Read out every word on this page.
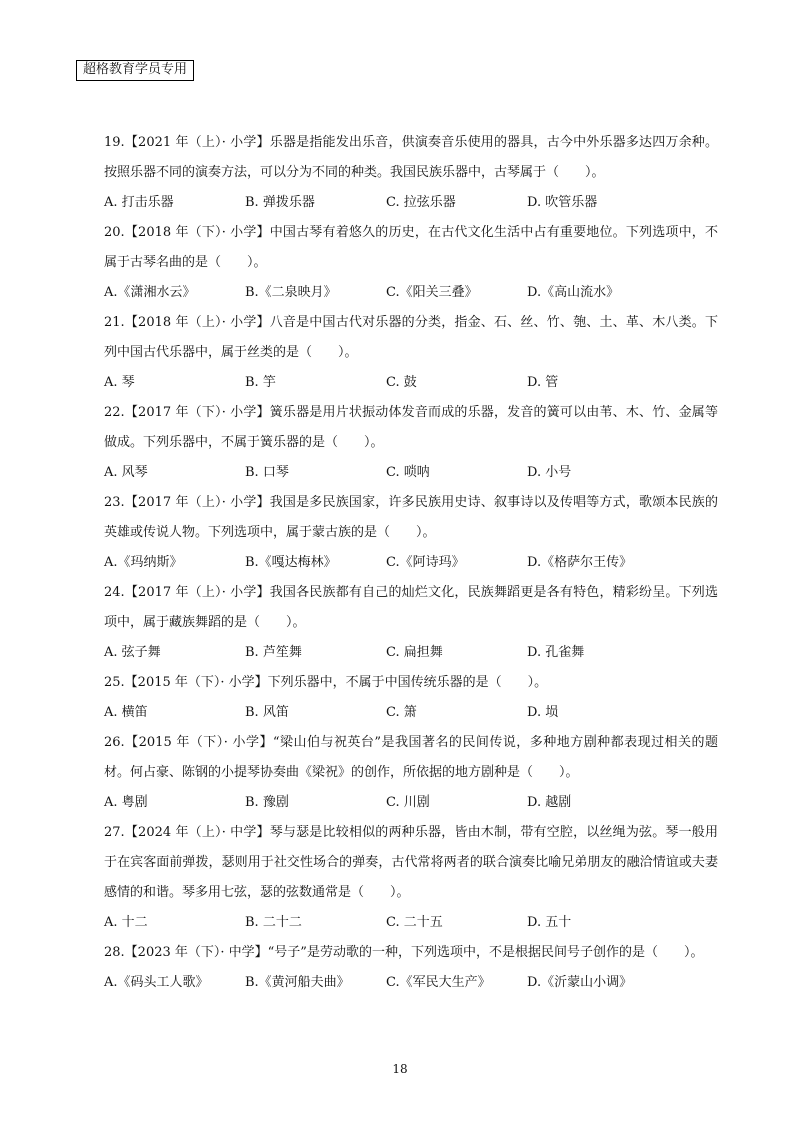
超格教育学员专用

19.【2021 年（上）· 小学】乐器是指能发出乐音，供演奏音乐使用的器具，古今中外乐器多达四万余种。按照乐器不同的演奏方法，可以分为不同的种类。我国民族乐器中，古琴属于（　　）。

A. 打击乐器	B. 弹拨乐器	C. 拉弦乐器	D. 吹管乐器

20.【2018 年（下）· 小学】中国古琴有着悠久的历史，在古代文化生活中占有重要地位。下列选项中，不属于古琴名曲的是（　　）。

A.《潇湘水云》	B.《二泉映月》	C.《阳关三叠》	D.《高山流水》

21.【2018 年（上）· 小学】八音是中国古代对乐器的分类，指金、石、丝、竹、匏、土、革、木八类。下列中国古代乐器中，属于丝类的是（　　）。

A. 琴	B. 竽	C. 鼓	D. 管

22.【2017 年（下）· 小学】簧乐器是用片状振动体发音而成的乐器，发音的簧可以由苇、木、竹、金属等做成。下列乐器中，不属于簧乐器的是（　　）。

A. 风琴	B. 口琴	C. 唢呐	D. 小号

23.【2017 年（上）· 小学】我国是多民族国家，许多民族用史诗、叙事诗以及传唱等方式，歌颂本民族的英雄或传说人物。下列选项中，属于蒙古族的是（　　）。

A.《玛纳斯》	B.《嘎达梅林》	C.《阿诗玛》	D.《格萨尔王传》

24.【2017 年（上）· 小学】我国各民族都有自己的灿烂文化，民族舞蹈更是各有特色，精彩纷呈。下列选项中，属于藏族舞蹈的是（　　）。

A. 弦子舞	B. 芦笙舞	C. 扁担舞	D. 孔雀舞

25.【2015 年（下）· 小学】下列乐器中，不属于中国传统乐器的是（　　）。

A. 横笛	B. 风笛	C. 箫	D. 埙

26.【2015 年（下）· 小学】“梁山伯与祝英台”是我国著名的民间传说，多种地方剧种都表现过相关的题材。何占豪、陈钢的小提琴协奏曲《梁祝》的创作，所依据的地方剧种是（　　）。

A. 粤剧	B. 豫剧	C. 川剧	D. 越剧

27.【2024 年（上）· 中学】琴与瑟是比较相似的两种乐器，皆由木制，带有空腔，以丝绳为弦。琴一般用于在宾客面前弹拨，瑟则用于社交性场合的弹奏，古代常将两者的联合演奏比喻兄弟朋友的融洽情谊或夫妻感情的和谐。琴多用七弦，瑟的弦数通常是（　　）。

A. 十二	B. 二十二	C. 二十五	D. 五十

28.【2023 年（下）· 中学】“号子”是劳动歌的一种，下列选项中，不是根据民间号子创作的是（　　）。

A.《码头工人歌》	B.《黄河船夫曲》	C.《军民大生产》	D.《沂蒙山小调》
18
